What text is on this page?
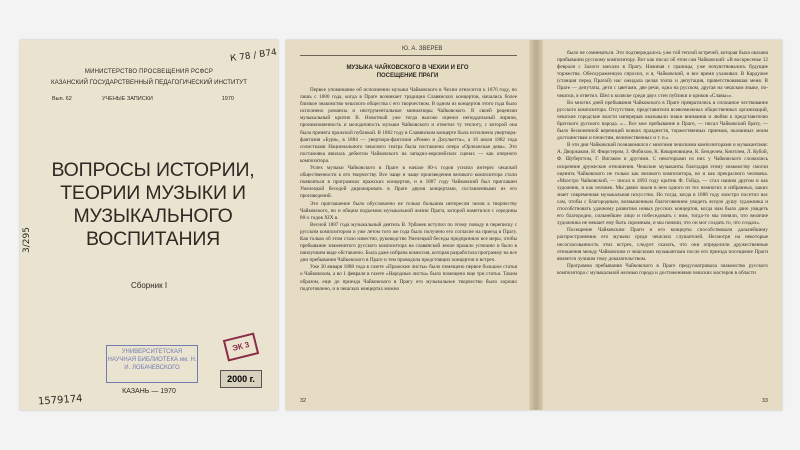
МИНИСТЕРСТВО ПРОСВЕЩЕНИЯ РСФСР
КАЗАНСКИЙ ГОСУДАРСТВЕННЫЙ ПЕДАГОГИЧЕСКИЙ ИНСТИТУТ
Вып. 62	УЧЕНЫЕ ЗАПИСКИ	1970
ВОПРОСЫ ИСТОРИИ, ТЕОРИИ МУЗЫКИ И МУЗЫКАЛЬНОГО ВОСПИТАНИЯ
Сборник I
КАЗАНЬ — 1970
К 78 / В74
3/295
1579174
ЭК 3
УНИВЕРСИТЕТСКАЯ НАУЧНАЯ БИБЛИОТЕКА им. Н. И. ЛОБАЧЕВСКОГО
2000 г.
Ю. А. ЗВЕРЕВ
МУЗЫКА ЧАЙКОВСКОГО В ЧЕХИИ И ЕГО ПОСЕЩЕНИЕ ПРАГИ

Первое упоминание об исполнении музыки Чайковского в Чехии относится к 1876 году, по лишь с 1880 года, когда в Праге возникает традиция Славянских концертов, начались более близкое знакомство чешского общества с его творчеством. В одном из концертов этого года было исполнено романсы и инструментальные миниатюры Чайковского. В своей рецензии музыкальный критик В. Новотный уже тогда высоко оценил неподдельный лиризм, проникновенность и мелодичность музыки Чайковского и отметил ту теплоту, с которой она была принята пражской публикой. В 1882 году в Славянском концерте была исполнена увертюра-фантазия «Буря», в 1884 — увертюра-фантазия «Ромео и Джульетта», а 16 июля 1882 года солистками Национального чешского театра была поставлена опера «Орлеанская дева». Это постановка явилась дебютом Чайковского на западно-европейских сценах — как оперного композитора.

Успех музыки Чайковского в Праге в начале 80-х годов усилил интерес чешской общественности к его творчеству. Все чаще и чаще произведения великого композитора стали появляться в программах пражских концертов, и в 1887 году Чайковский был приглашен Умелецкой беседой дирижировать в Праге двумя концертами, составленными из его произведений.

Это приглашение было обусловлено не только большим интересом чехов к творчеству Чайковского, но и общим подъемом музыкальной жизни Праги, которой наметился с середины 80-х годов XIX в.

Весной 1887 года музыкальный деятель В. Урбанек вступил по этому поводу в переписку с русским композитором и уже летом того же года было получено его согласие на приезд в Прагу. Как только об этом стало известно, руководство Умелецкой беседы предприняло все меры, чтобы пребывание знаменитого русского композитора на славянской земле прошло успешно и было в наилучшем виде обставлено. Была даже избрана комиссия, которая разработала программу на все дни пребывания Чайковского в Праге и тем проводила предстоящих концертов и встреч.

Уже 30 января 1888 года в газете «Пражские листы» было помещено первое большое статья о Чайковском, а во 1 февраля в газете «Народные листы» было помещено еще три статьи. Таким образом, еще до приезда Чайковского в Прагу его музыкальное творчество было хорошо подготовлено, и в чешских концертах можно

32

было не сомневаться. Это подтверждалось уже той теплой встречей, которая была оказана прибывшим русскому композитору. Вот как писал об этом сам Чайковский: «В воскресенье 12 февраля с Залоги заехали в Прагу. Начиная с границы, уже почувствовались будущие торжества. Обескураженную спросил, и я, Чайковский, и все время ухаживал. В Кардужее (станция перед Прагой) нас ожидала целая толпа и депутация, приветствовавшая меня. В Праге — депутаты, дети с цветами, две речи, одна на русском, другая на чешском языке, по-чешски, я ответил. Шел к коляске среди двух стен публики и криков «Славы»».

Во многих дней пребывания Чайковского в Праге превратились в сплошное чествование русского композитора. Отсутствие, представители всевозможных общественных организаций, чешские городские власти наперерыв оказывали знаки внимания и любви к представителю братского русского народа. «... Все мое пребывание в Праге, — писал Чайковский брату, — было бесконечной вереницей всяких празднеств, торжественных приемов, оказанных моим достоинствам и почестям, величественных и т. п.»

В эти дни Чайковский познакомился с многими чешскими композиторами и музыкантами: А. Дворжаком, Н. Фюрстером, З. Фибихом, К. Коварновицем, К. Бенделем, Книтлем, Л. Кубой, Ф. Шуберттом, Г. Вигаком и другими. С некоторыми из них у Чайковского сложились искренние дружеские отношения. Чешские музыканты благодаря этому знакомству смогли оценить Чайковского не только как великого композитора, но и как прекрасного человека. «Маэстро Чайковский, — писал в 1893 году критик Ф. Гойда, — стал нашим другом и как художник, и как человек. Мы давно знали в нем одного из тех немногих и избранных, каких знает современная музыкальная искусство. Но тогда, когда в 1888 году маэстро посетил нас сам, чтобы с благородным, возвышенным благоговением увидеть ясную душу художника и способствовать удачному развитию новых русских концертов, когда нам было дано увидеть его благородно, сильнейшее лицо и побеседовать с ним, тогда-то мы поняли, что величие художника не мешает ему быть скромным, и мы поняли, что он мог создать то, что создал».

Посещение Чайковским Праги и его концерты способствовали дальнейшему распространению его музыки среди чешских слушателей. Несмотря на некоторые несогласованность этих встреч, следует сказать, что они определили дружественные отношения между Чайковским и чешскими музыкантами после его приезда посещение Праги является лучшим тому доказательством.

Программа пребывания Чайковского в Праге предусматривала знакомство русского композитора с музыкальной жизнью города и достижениями чешских мастеров в области

33
